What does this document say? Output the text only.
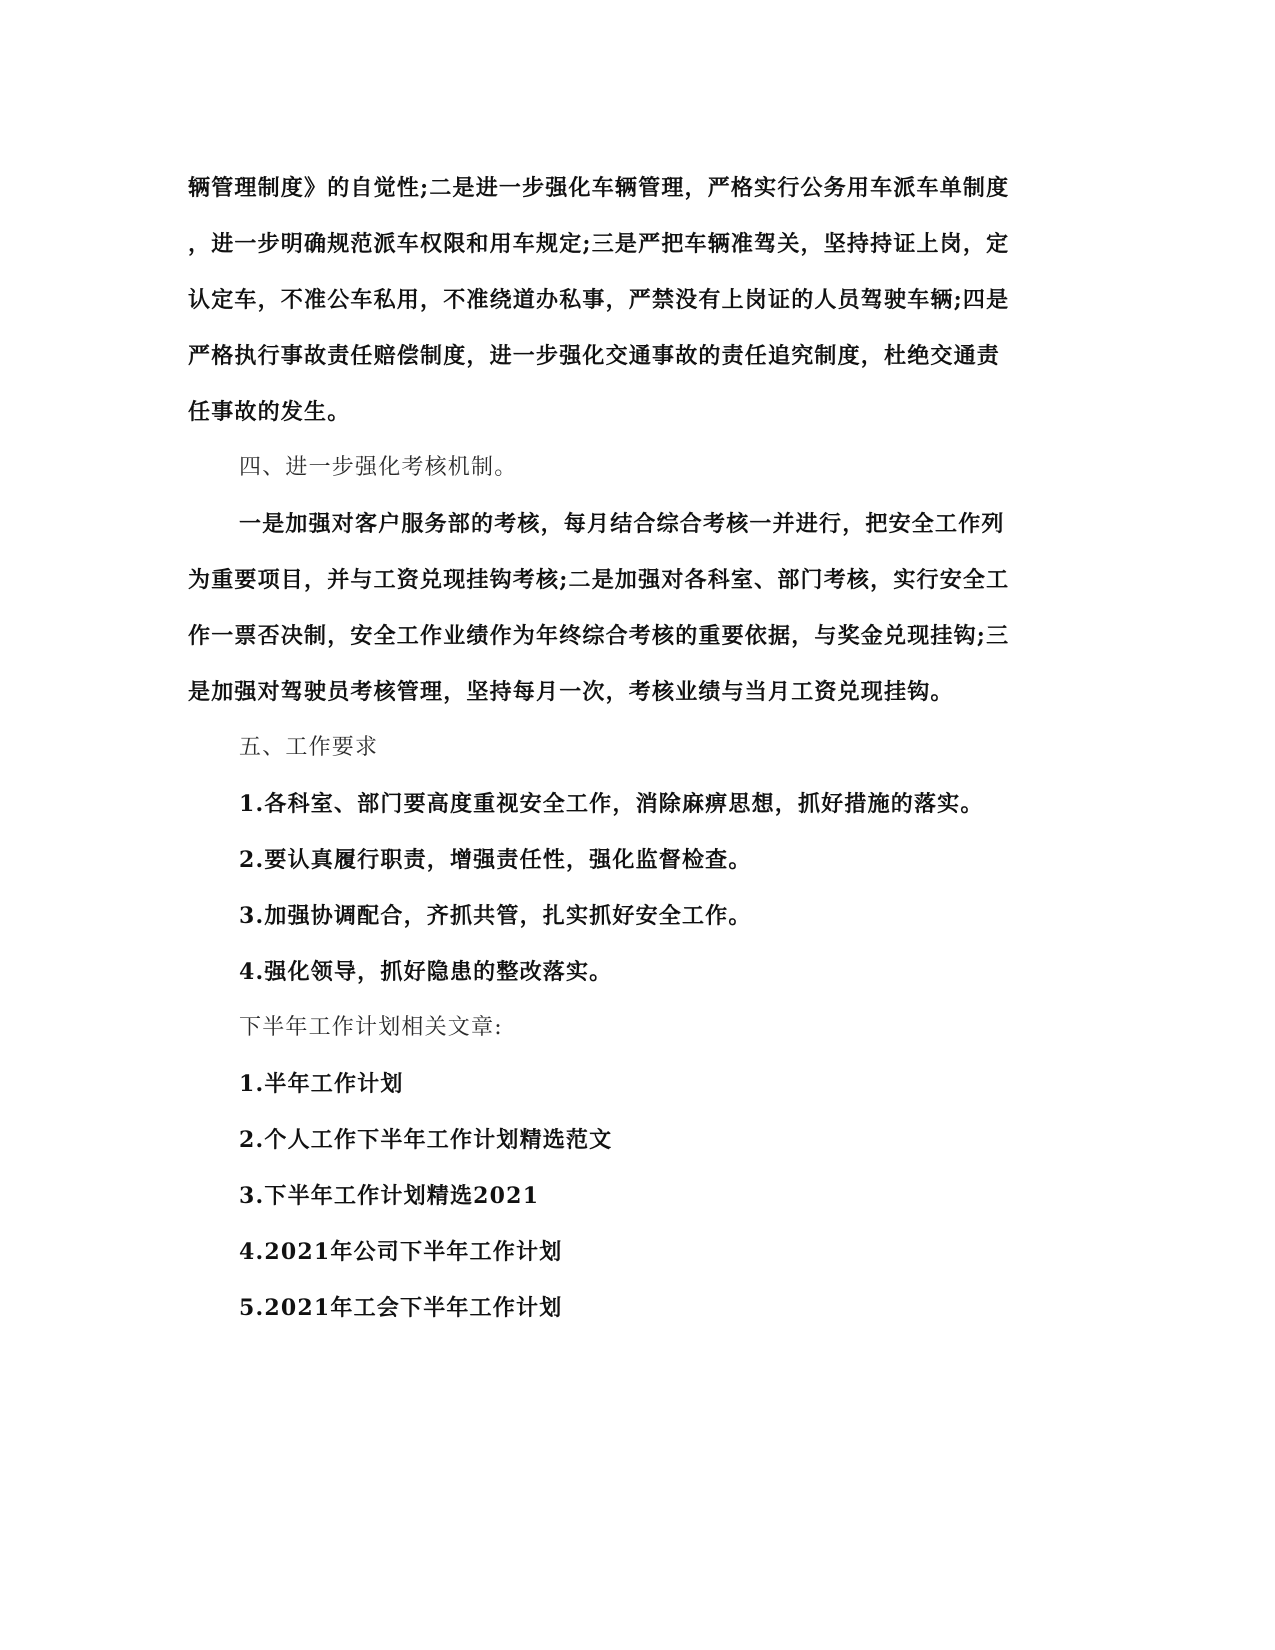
辆管理制度》的自觉性;二是进一步强化车辆管理，严格实行公务用车派车单制度
，进一步明确规范派车权限和用车规定;三是严把车辆准驾关，坚持持证上岗，定
认定车，不准公车私用，不准绕道办私事，严禁没有上岗证的人员驾驶车辆;四是
严格执行事故责任赔偿制度，进一步强化交通事故的责任追究制度，杜绝交通责
任事故的发生。
四、进一步强化考核机制。
一是加强对客户服务部的考核，每月结合综合考核一并进行，把安全工作列
为重要项目，并与工资兑现挂钩考核;二是加强对各科室、部门考核，实行安全工
作一票否决制，安全工作业绩作为年终综合考核的重要依据，与奖金兑现挂钩;三
是加强对驾驶员考核管理，坚持每月一次，考核业绩与当月工资兑现挂钩。
五、工作要求
1.各科室、部门要高度重视安全工作，消除麻痹思想，抓好措施的落实。
2.要认真履行职责，增强责任性，强化监督检查。
3.加强协调配合，齐抓共管，扎实抓好安全工作。
4.强化领导，抓好隐患的整改落实。
下半年工作计划相关文章:
1.半年工作计划
2.个人工作下半年工作计划精选范文
3.下半年工作计划精选2021
4.2021年公司下半年工作计划
5.2021年工会下半年工作计划
